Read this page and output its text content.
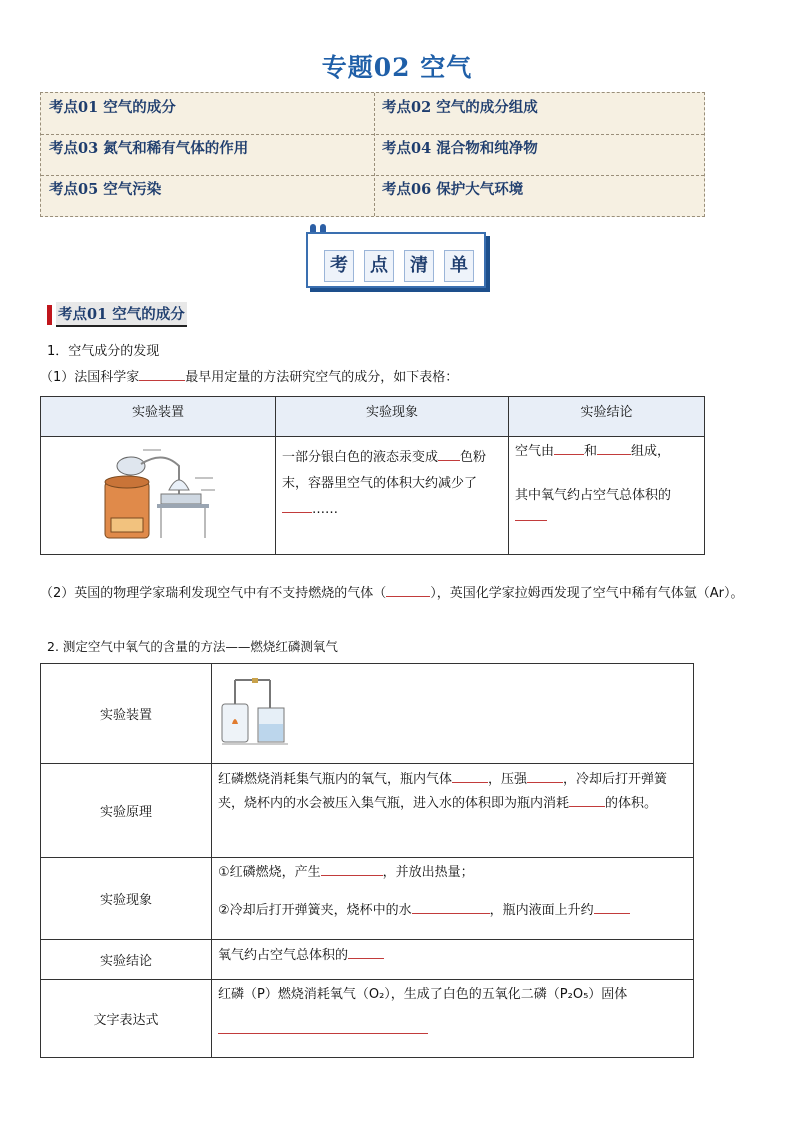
专题02 空气
考点01 空气的成分	考点02 空气的成分组成
考点03 氮气和稀有气体的作用	考点04 混合物和纯净物
考点05 空气污染	考点06 保护大气环境
考	点	清	单
考点01 空气的成分
1．空气成分的发现
（1）法国科学家	最早用定量的方法研究空气的成分，如下表格：
实验装置	实验现象	实验结论
	一部分银白色的液态汞变成 色粉末，容器里空气的体积大约减少了……	空气由 和 组成，

其中氧气约占空气总体积的
（2）英国的物理学家瑞利发现空气中有不支持燃烧的气体（	），英国化学家拉姆西发现了空气中稀有气体氩（Ar）。
2. 测定空气中氧气的含量的方法——燃烧红磷测氧气
实验装置	
实验原理	红磷燃烧消耗集气瓶内的氧气，瓶内气体 ，压强 ，冷却后打开弹簧夹，烧杯内的水会被压入集气瓶，进入水的体积即为瓶内消耗 的体积。
实验现象	①红磷燃烧，产生 ，并放出热量；

②冷却后打开弹簧夹，烧杯中的水 ，瓶内液面上升约
实验结论	氧气约占空气总体积的
文字表达式	红磷（P）燃烧消耗氧气（O₂），生成了白色的五氧化二磷（P₂O₅）固体
